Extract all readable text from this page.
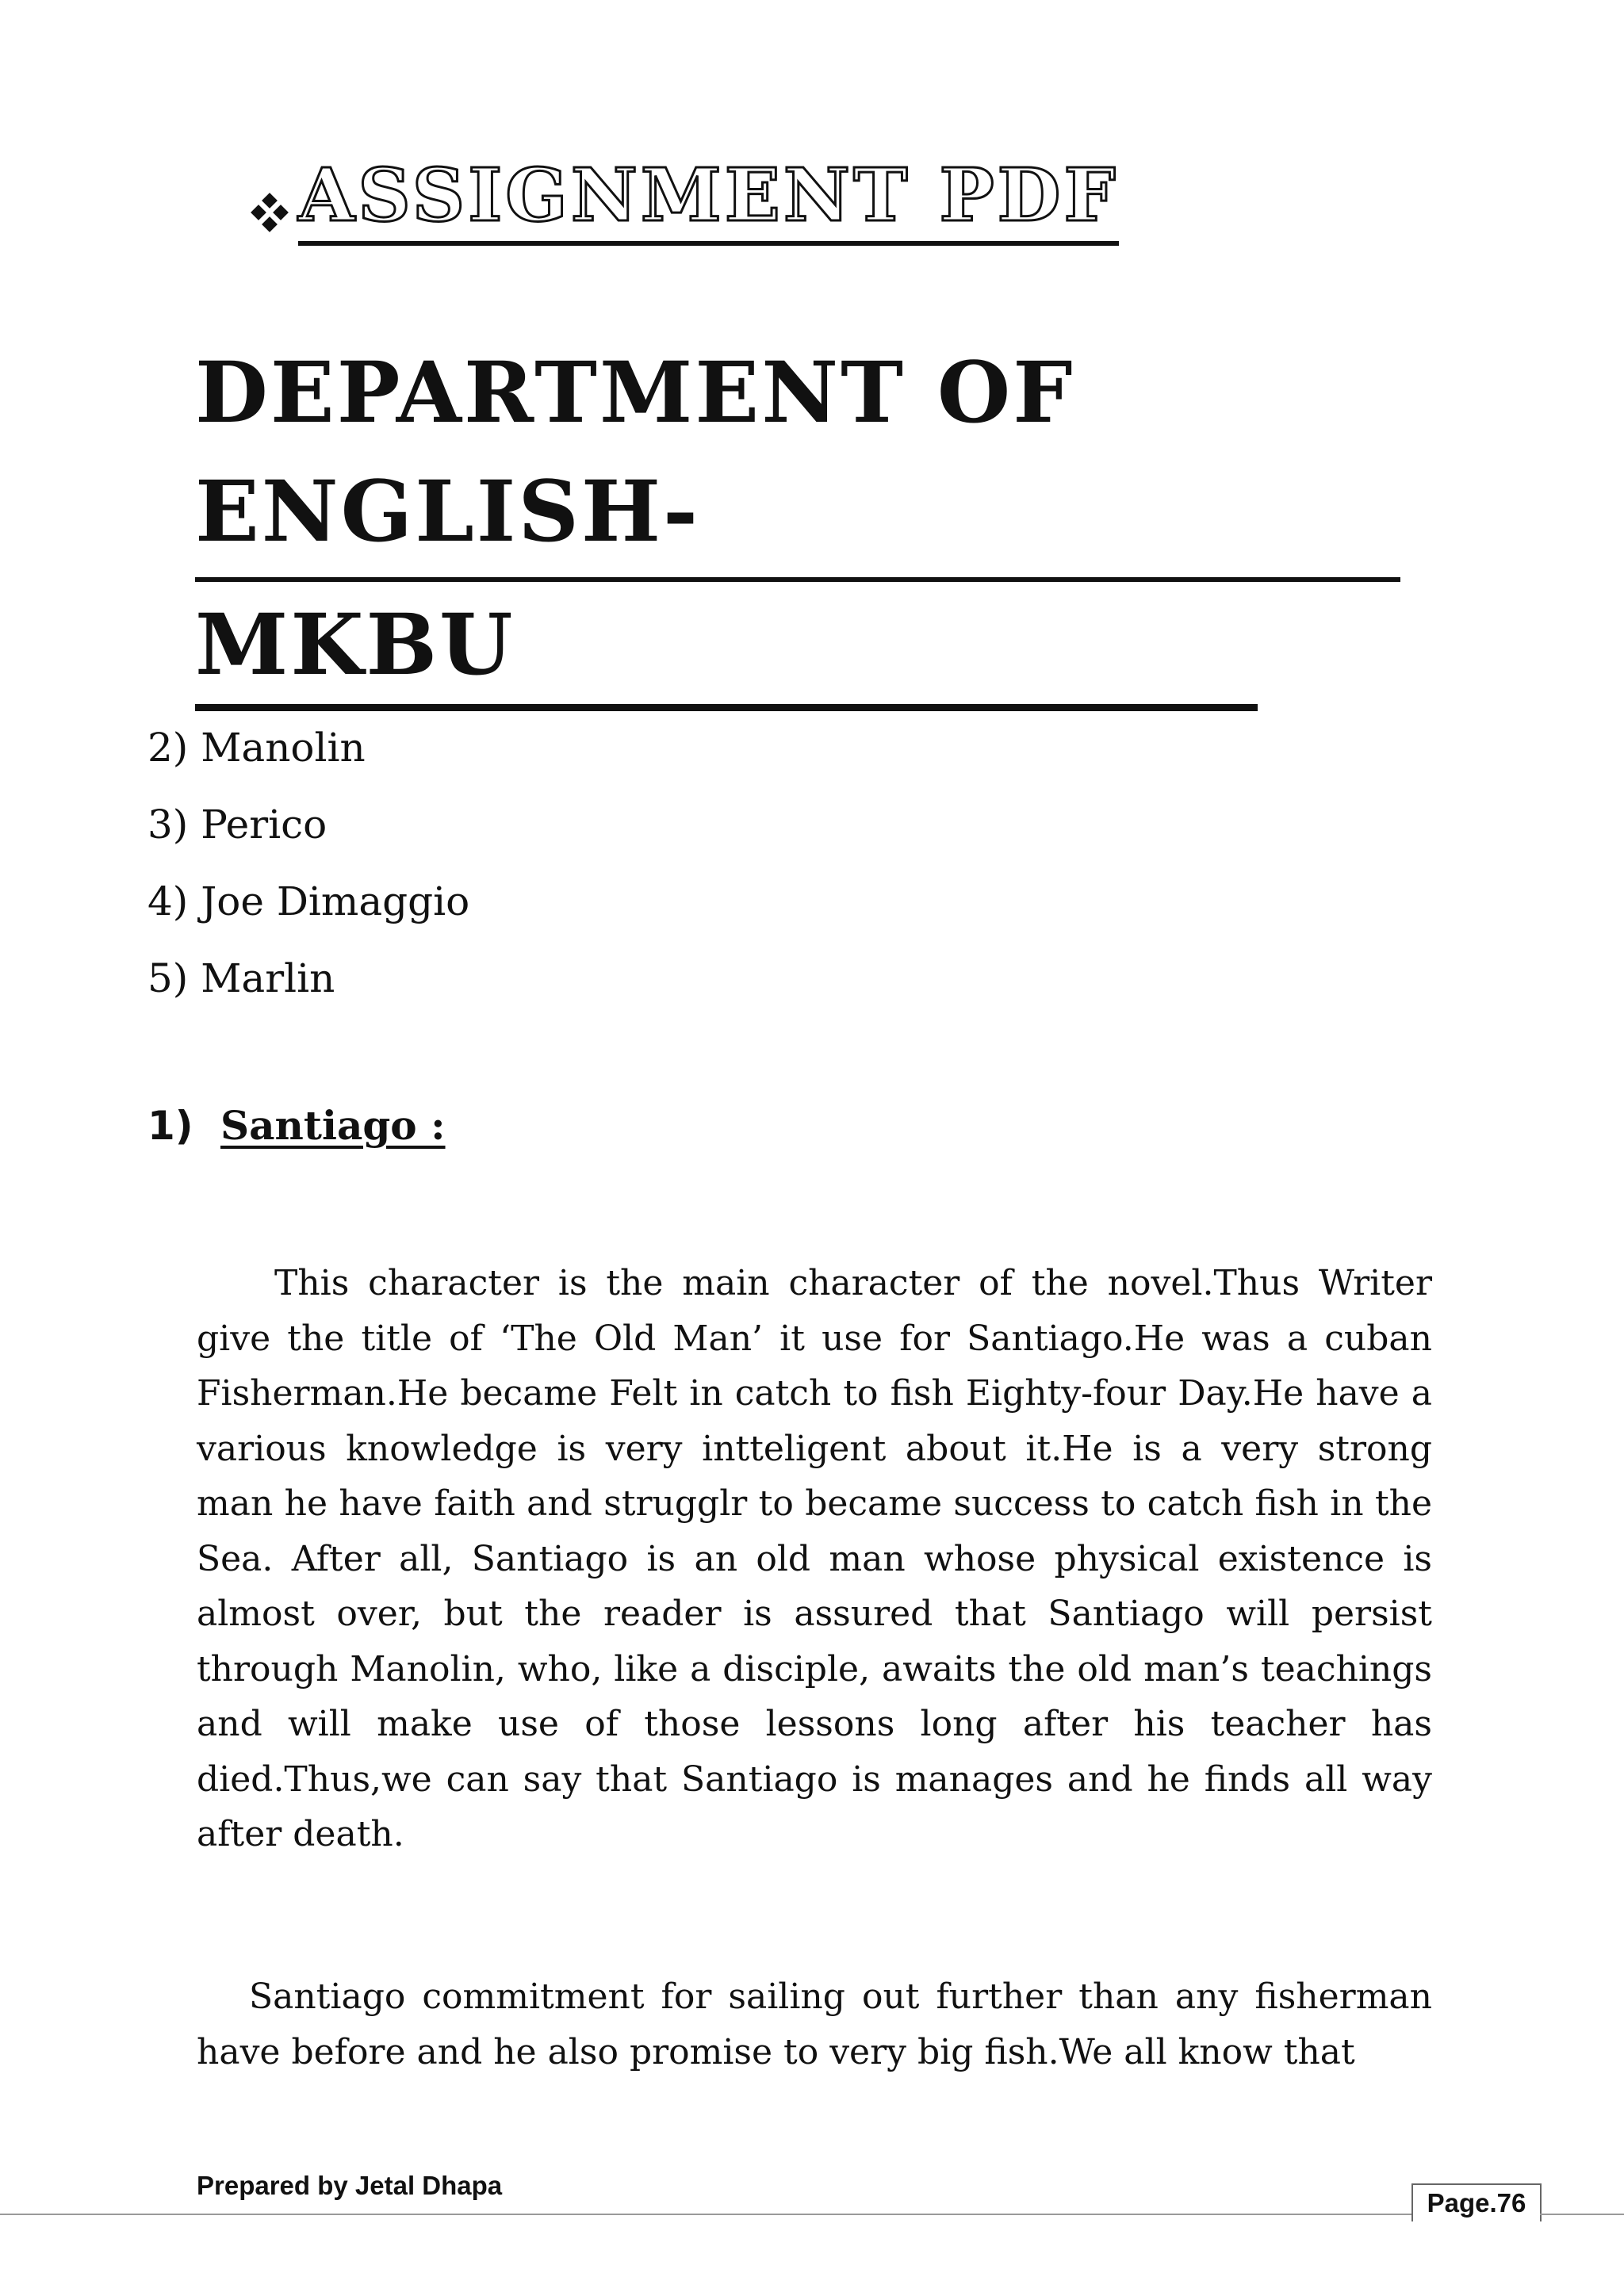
ASSIGNMENT PDF
DEPARTMENT OF ENGLISH-
MKBU
2) Manolin
3) Perico
4) Joe Dimaggio
5) Marlin
1) Santiago :

This character is the main character of the novel.Thus Writer give the title of ‘The Old Man’ it use for Santiago.He was a cuban Fisherman.He became Felt in catch to fish Eighty-four Day.He have a various knowledge is very intteligent about it.He is a very strong man he have faith and strugglr to became success to catch fish in the Sea. After all, Santiago is an old man whose physical existence is almost over, but the reader is assured that Santiago will persist through Manolin, who, like a disciple, awaits the old man’s teachings and will make use of those lessons long after his teacher has died.Thus,we can say that Santiago is manages and he finds all way after death.

Santiago commitment for sailing out further than any fisherman have before and he also promise to very big fish.We all know that

Prepared by Jetal Dhapa
Page.76
